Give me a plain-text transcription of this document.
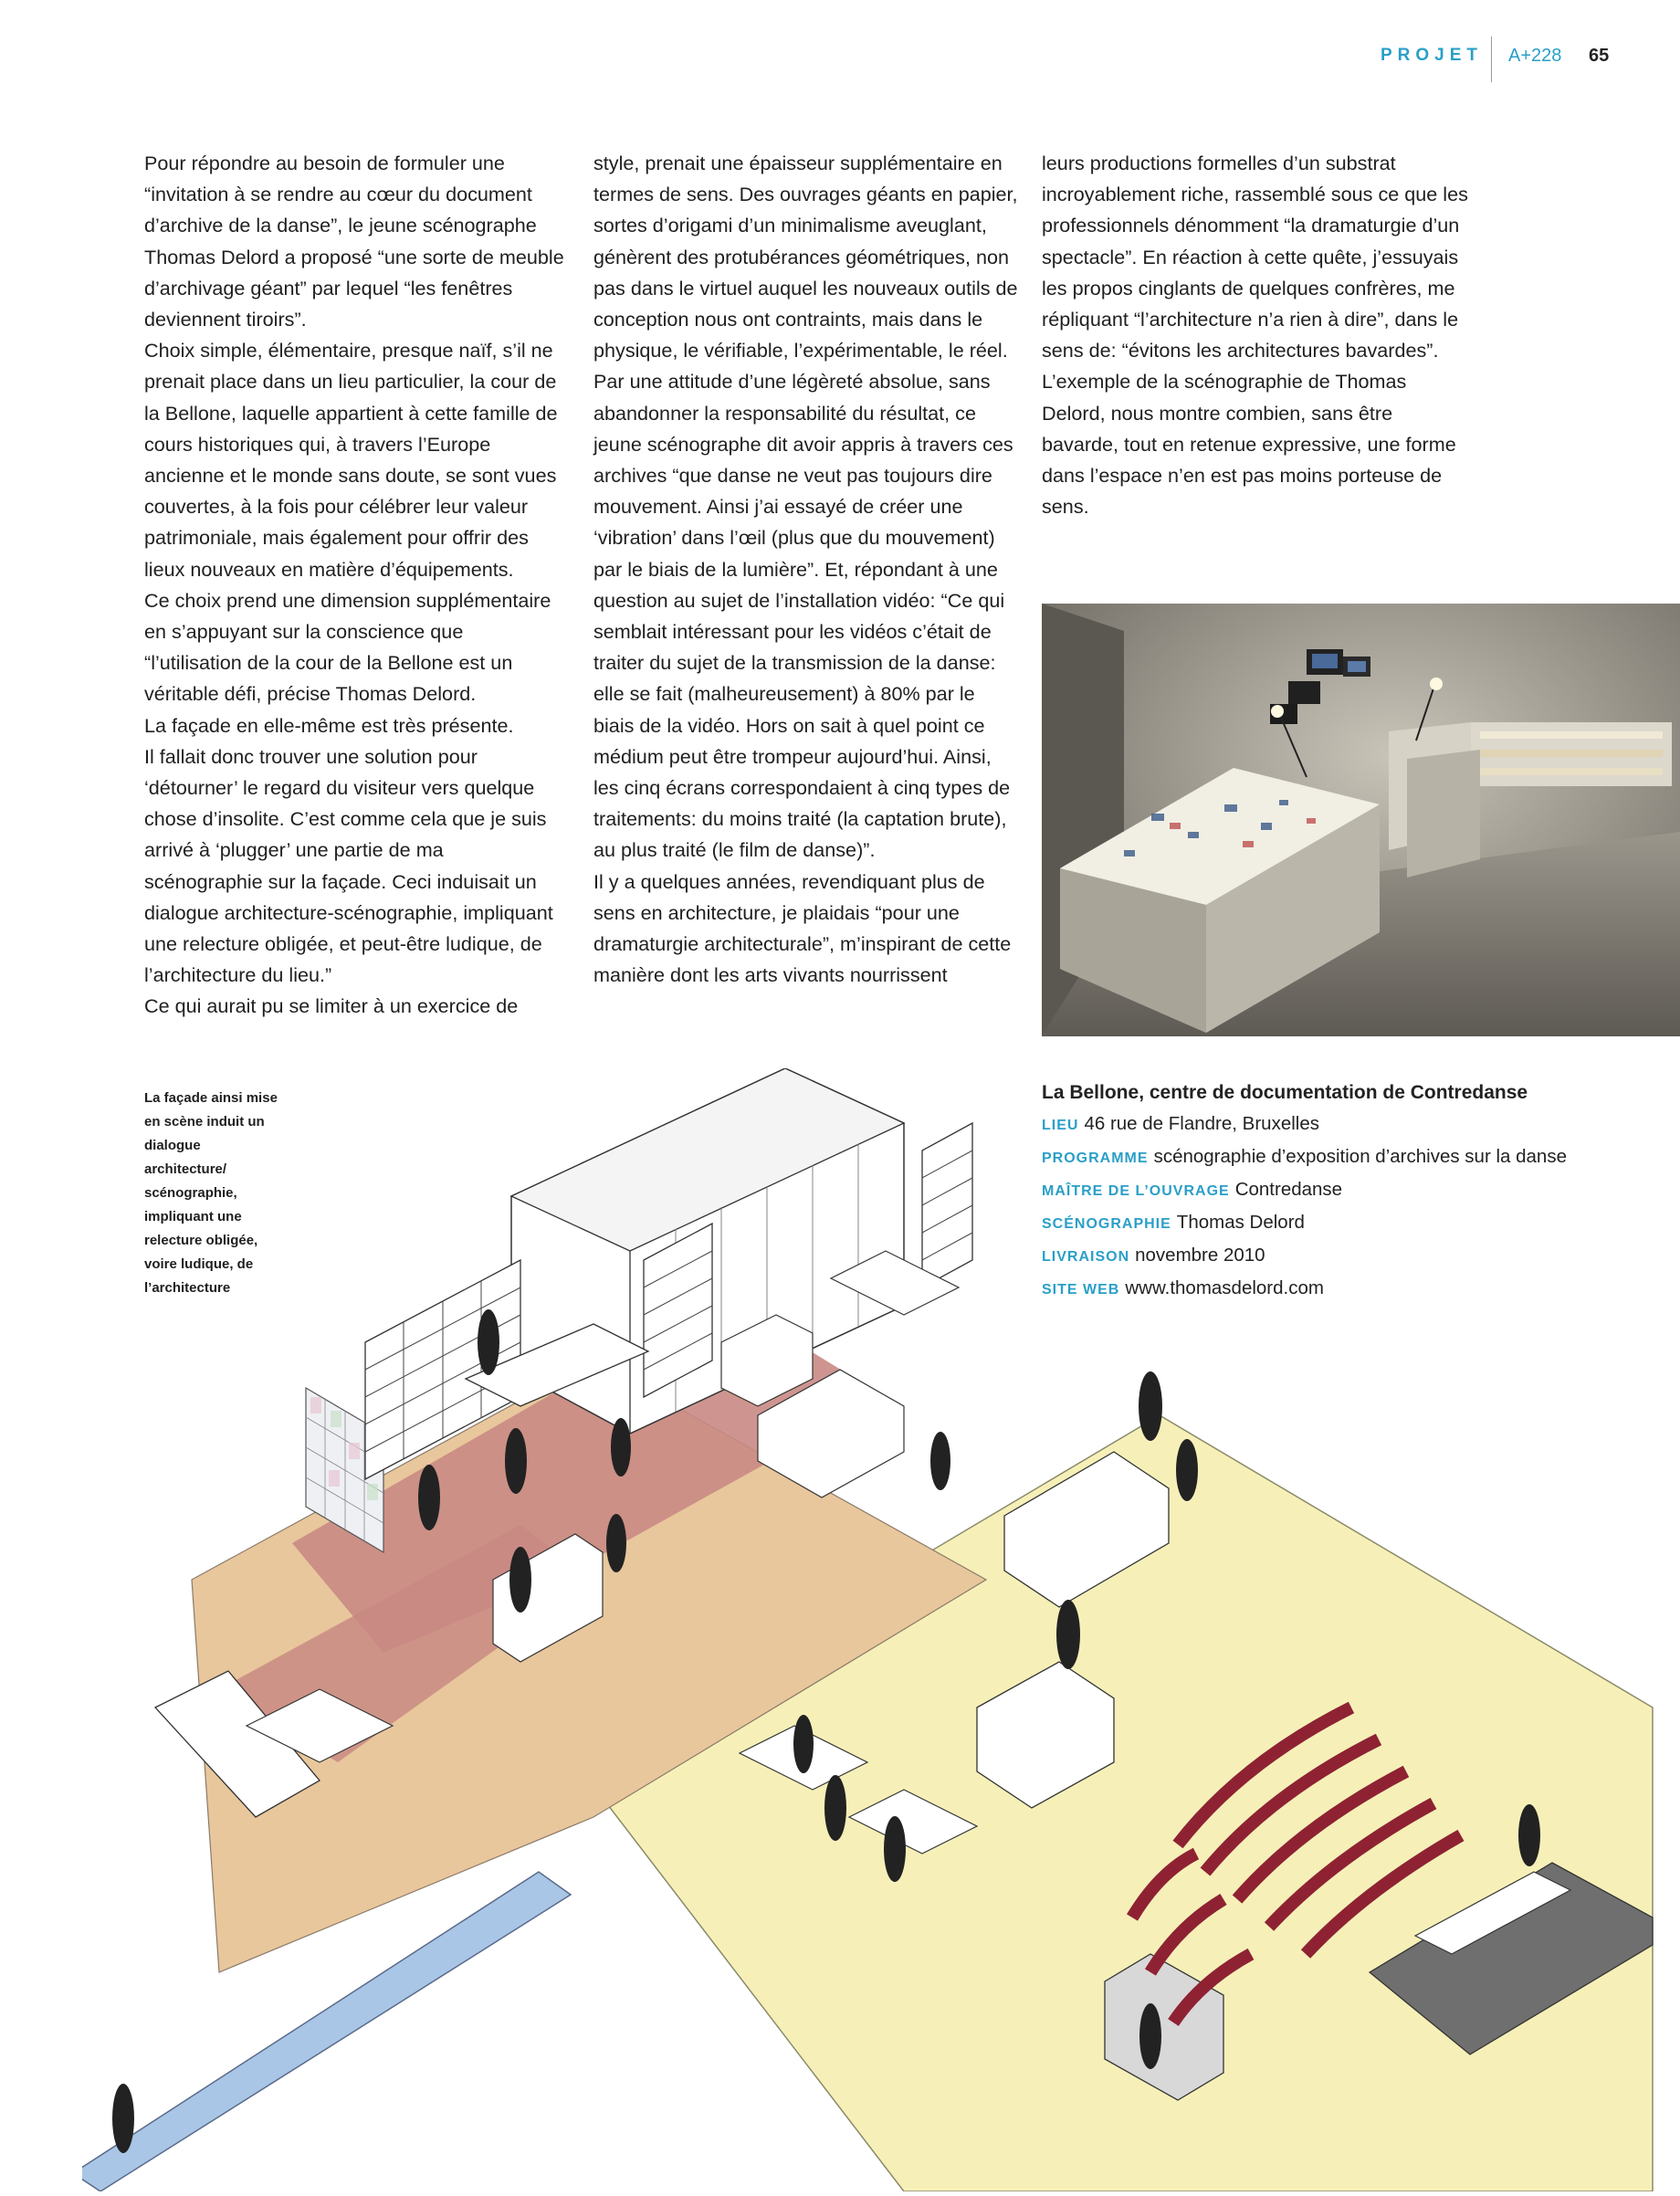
PROJET A+228 65

Pour répondre au besoin de formuler une “invitation à se rendre au cœur du document d’archive de la danse”, le jeune scénographe Thomas Delord a proposé “une sorte de meuble d’archivage géant” par lequel “les fenêtres deviennent tiroirs”.

Choix simple, élémentaire, presque naïf, s’il ne prenait place dans un lieu particulier, la cour de la Bellone, laquelle appartient à cette famille de cours historiques qui, à travers l’Europe ancienne et le monde sans doute, se sont vues couvertes, à la fois pour célébrer leur valeur patrimoniale, mais également pour offrir des lieux nouveaux en matière d’équipements.

Ce choix prend une dimension supplémentaire en s’appuyant sur la conscience que “l’utilisation de la cour de la Bellone est un véritable défi, précise Thomas Delord.

La façade en elle-même est très présente.

Il fallait donc trouver une solution pour ‘détourner’ le regard du visiteur vers quelque chose d’insolite. C’est comme cela que je suis arrivé à ‘plugger’ une partie de ma scénographie sur la façade. Ceci induisait un dialogue architecture-scénographie, impliquant une relecture obligée, et peut-être ludique, de l’architecture du lieu.”

Ce qui aurait pu se limiter à un exercice de

style, prenait une épaisseur supplémentaire en termes de sens. Des ouvrages géants en papier, sortes d’origami d’un minimalisme aveuglant, génèrent des protubérances géométriques, non pas dans le virtuel auquel les nouveaux outils de conception nous ont contraints, mais dans le physique, le vérifiable, l’expérimentable, le réel.

Par une attitude d’une légèreté absolue, sans abandonner la responsabilité du résultat, ce jeune scénographe dit avoir appris à travers ces archives “que danse ne veut pas toujours dire mouvement. Ainsi j’ai essayé de créer une ‘vibration’ dans l’œil (plus que du mouvement) par le biais de la lumière”. Et, répondant à une question au sujet de l’installation vidéo: “Ce qui semblait intéressant pour les vidéos c’était de traiter du sujet de la transmission de la danse: elle se fait (malheureusement) à 80% par le biais de la vidéo. Hors on sait à quel point ce médium peut être trompeur aujourd’hui. Ainsi, les cinq écrans correspondaient à cinq types de traitements: du moins traité (la captation brute), au plus traité (le film de danse)”.

Il y a quelques années, revendiquant plus de sens en architecture, je plaidais “pour une dramaturgie architecturale”, m’inspirant de cette manière dont les arts vivants nourrissent

leurs productions formelles d’un substrat incroyablement riche, rassemblé sous ce que les professionnels dénomment “la dramaturgie d’un spectacle”. En réaction à cette quête, j’essuyais les propos cinglants de quelques confrères, me répliquant “l’architecture n’a rien à dire”, dans le sens de: “évitons les architectures bavardes”.

L’exemple de la scénographie de Thomas Delord, nous montre combien, sans être bavarde, tout en retenue expressive, une forme dans l’espace n’en est pas moins porteuse de sens.

La façade ainsi mise en scène induit un dialogue architecture/ scénographie, impliquant une relecture obligée, voire ludique, de l’architecture
La Bellone, centre de documentation de Contredanse
LIEU 46 rue de Flandre, Bruxelles
PROGRAMME scénographie d’exposition d’archives sur la danse
MAÎTRE DE L’OUVRAGE Contredanse
SCÉNOGRAPHIE Thomas Delord
LIVRAISON novembre 2010
SITE WEB www.thomasdelord.com
